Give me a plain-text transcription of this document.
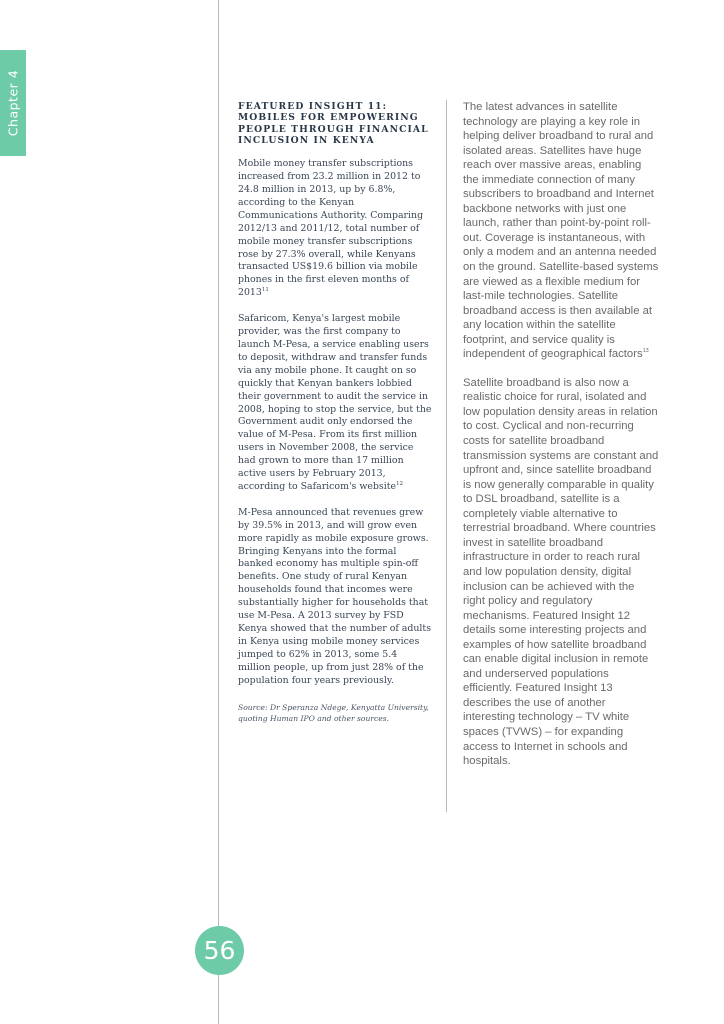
Chapter 4	FEATURED INSIGHT 11: MOBILES FOR EMPOWERING PEOPLE THROUGH FINANCIAL INCLUSION IN KENYA

Mobile money transfer subscriptions increased from 23.2 million in 2012 to 24.8 million in 2013, up by 6.8%, according to the Kenyan Communications Authority. Comparing 2012/13 and 2011/12, total number of mobile money transfer subscriptions rose by 27.3% overall, while Kenyans transacted US$19.6 billion via mobile phones in the first eleven months of 2013$^{11}$

Safaricom, Kenya's largest mobile provider, was the first company to launch M-Pesa, a service enabling users to deposit, withdraw and transfer funds via any mobile phone. It caught on so quickly that Kenyan bankers lobbied their government to audit the service in 2008, hoping to stop the service, but the Government audit only endorsed the value of M-Pesa. From its first million users in November 2008, the service had grown to more than 17 million active users by February 2013, according to Safaricom's website$^{12}$

M-Pesa announced that revenues grew by 39.5% in 2013, and will grow even more rapidly as mobile exposure grows. Bringing Kenyans into the formal banked economy has multiple spin-off benefits. One study of rural Kenyan households found that incomes were substantially higher for households that use M-Pesa. A 2013 survey by FSD Kenya showed that the number of adults in Kenya using mobile money services jumped to 62% in 2013, some 5.4 million people, up from just 28% of the population four years previously.

Source: Dr Speranza Ndege, Kenyatta University, quoting Human IPO and other sources.

The latest advances in satellite technology are playing a key role in helping deliver broadband to rural and isolated areas. Satellites have huge reach over massive areas, enabling the immediate connection of many subscribers to broadband and Internet backbone networks with just one launch, rather than point-by-point roll-out. Coverage is instantaneous, with only a modem and an antenna needed on the ground. Satellite-based systems are viewed as a flexible medium for last-mile technologies. Satellite broadband access is then available at any location within the satellite footprint, and service quality is independent of geographical factors$^{13}$

Satellite broadband is also now a realistic choice for rural, isolated and low population density areas in relation to cost. Cyclical and non-recurring costs for satellite broadband transmission systems are constant and upfront and, since satellite broadband is now generally comparable in quality to DSL broadband, satellite is a completely viable alternative to terrestrial broadband. Where countries invest in satellite broadband infrastructure in order to reach rural and low population density, digital inclusion can be achieved with the right policy and regulatory mechanisms. Featured Insight 12 details some interesting projects and examples of how satellite broadband can enable digital inclusion in remote and underserved populations efficiently. Featured Insight 13 describes the use of another interesting technology – TV white spaces (TVWS) – for expanding access to Internet in schools and hospitals.

56
